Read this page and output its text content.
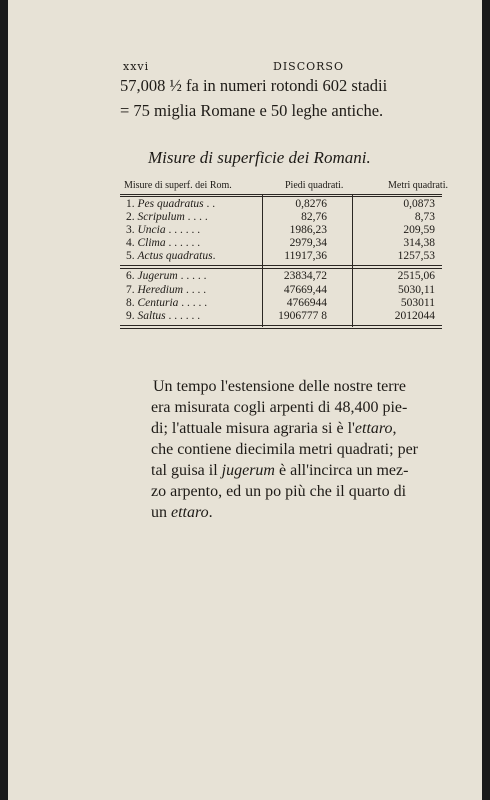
xxvi	DISCORSO
57,008 ½ fa in numeri rotondi 602 stadii
= 75 miglia Romane e 50 leghe antiche.
Misure di superficie dei Romani.
Misure di superf. dei Rom.	Piedi quadrati.	Metri quadrati.
1. Pes quadratus . .	0,8276	0,0873
2. Scripulum . . . .	82,76	8,73
3. Uncia . . . . . .	1986,23	209,59
4. Clima . . . . . .	2979,34	314,38
5. Actus quadratus.	11917,36	1257,53
6. Jugerum . . . . .	23834,72	2515,06
7. Heredium . . . .	47669,44	5030,11
8. Centuria . . . . .	4766944	503011
9. Saltus . . . . . .	1906777 8	2012044
Un tempo l'estensione delle nostre terre
era misurata cogli arpenti di 48,400 pie-
di; l'attuale misura agraria si è l'ettaro,
che contiene diecimila metri quadrati; per
tal guisa il jugerum è all'incirca un mez-
zo arpento, ed un po più che il quarto di
un ettaro.
